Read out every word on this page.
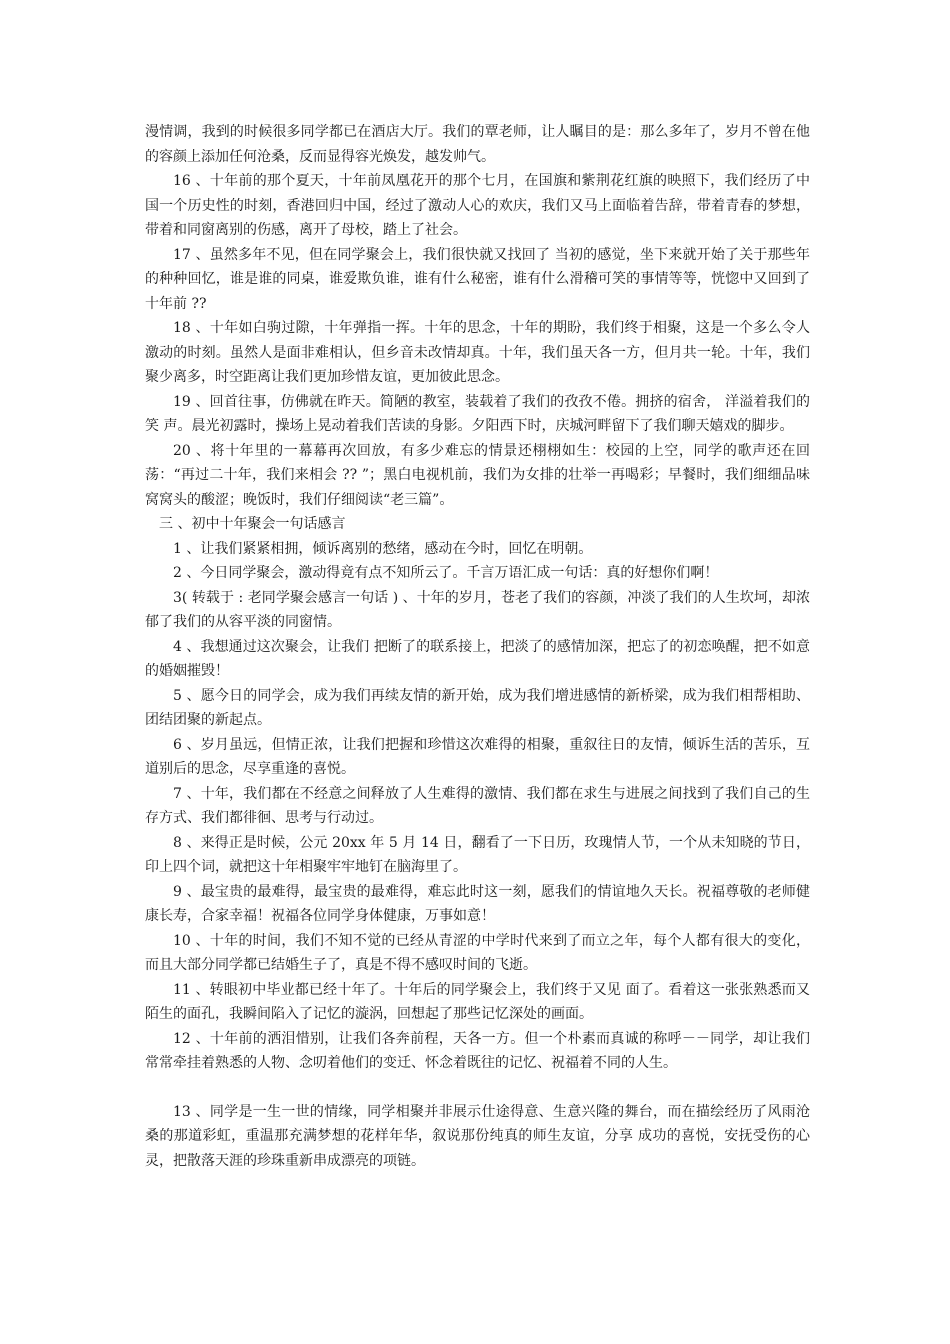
漫情调，我到的时候很多同学都已在酒店大厅。我们的覃老师，让人瞩目的是：那么多年了，岁月不曾在他的容颜上添加任何沧桑，反而显得容光焕发，越发帅气。

16 、十年前的那个夏天，十年前凤凰花开的那个七月，在国旗和紫荆花红旗的映照下，我们经历了中国一个历史性的时刻，香港回归中国，经过了激动人心的欢庆，我们又马上面临着告辞，带着青春的梦想，带着和同窗离别的伤感，离开了母校，踏上了社会。

17 、虽然多年不见，但在同学聚会上，我们很快就又找回了 当初的感觉，坐下来就开始了关于那些年的种种回忆，谁是谁的同桌，谁爱欺负谁，谁有什么秘密，谁有什么滑稽可笑的事情等等，恍惚中又回到了十年前 ??

18 、十年如白驹过隙，十年弹指一挥。十年的思念，十年的期盼，我们终于相聚，这是一个多么令人激动的时刻。虽然人是面非难相认，但乡音未改情却真。十年，我们虽天各一方，但月共一轮。十年，我们聚少离多，时空距离让我们更加珍惜友谊，更加彼此思念。

19 、回首往事，仿佛就在昨天。简陋的教室，装载着了我们的孜孜不倦。拥挤的宿舍， 洋溢着我们的笑 声。晨光初露时，操场上晃动着我们苦读的身影。夕阳西下时，庆城河畔留下了我们聊天嬉戏的脚步。

20 、将十年里的一幕幕再次回放，有多少难忘的情景还栩栩如生：校园的上空，同学的歌声还在回荡：“再过二十年，我们来相会 ?? ”；黑白电视机前，我们为女排的壮举一再喝彩；早餐时，我们细细品味窝窝头的酸涩；晚饭时，我们仔细阅读“老三篇”。

三 、初中十年聚会一句话感言

1 、让我们紧紧相拥，倾诉离别的愁绪，感动在今时，回忆在明朝。

2 、今日同学聚会，激动得竟有点不知所云了。千言万语汇成一句话：真的好想你们啊！

3( 转载于 : 老同学聚会感言一句话 ) 、十年的岁月，苍老了我们的容颜，冲淡了我们的人生坎坷，却浓郁了我们的从容平淡的同窗情。

4 、我想通过这次聚会，让我们 把断了的联系接上，把淡了的感情加深，把忘了的初恋唤醒，把不如意的婚姻摧毁！

5 、愿今日的同学会，成为我们再续友情的新开始，成为我们增进感情的新桥梁，成为我们相帮相助、团结团聚的新起点。

6 、岁月虽远，但情正浓，让我们把握和珍惜这次难得的相聚，重叙往日的友情，倾诉生活的苦乐，互道别后的思念，尽享重逢的喜悦。

7 、十年，我们都在不经意之间释放了人生难得的激情、我们都在求生与进展之间找到了我们自己的生存方式、我们都徘徊、思考与行动过。

8 、来得正是时候，公元 20xx 年 5 月 14 日，翻看了一下日历，玫瑰情人节，一个从未知晓的节日，印上四个词，就把这十年相聚牢牢地钉在脑海里了。

9 、最宝贵的最难得，最宝贵的最难得，难忘此时这一刻，愿我们的情谊地久天长。祝福尊敬的老师健康长寿，合家幸福！祝福各位同学身体健康，万事如意！

10 、十年的时间，我们不知不觉的已经从青涩的中学时代来到了而立之年，每个人都有很大的变化，而且大部分同学都已结婚生子了，真是不得不感叹时间的飞逝。

11 、转眼初中毕业都已经十年了。十年后的同学聚会上，我们终于又见 面了。看着这一张张熟悉而又陌生的面孔，我瞬间陷入了记忆的漩涡，回想起了那些记忆深处的画面。

12 、十年前的洒泪惜别，让我们各奔前程，天各一方。但一个朴素而真诚的称呼－－同学，却让我们常常牵挂着熟悉的人物、念叨着他们的变迁、怀念着既往的记忆、祝福着不同的人生。

13 、同学是一生一世的情缘，同学相聚并非展示仕途得意、生意兴隆的舞台，而在描绘经历了风雨沧桑的那道彩虹，重温那充满梦想的花样年华，叙说那份纯真的师生友谊，分享 成功的喜悦，安抚受伤的心灵，把散落天涯的珍珠重新串成漂亮的项链。
